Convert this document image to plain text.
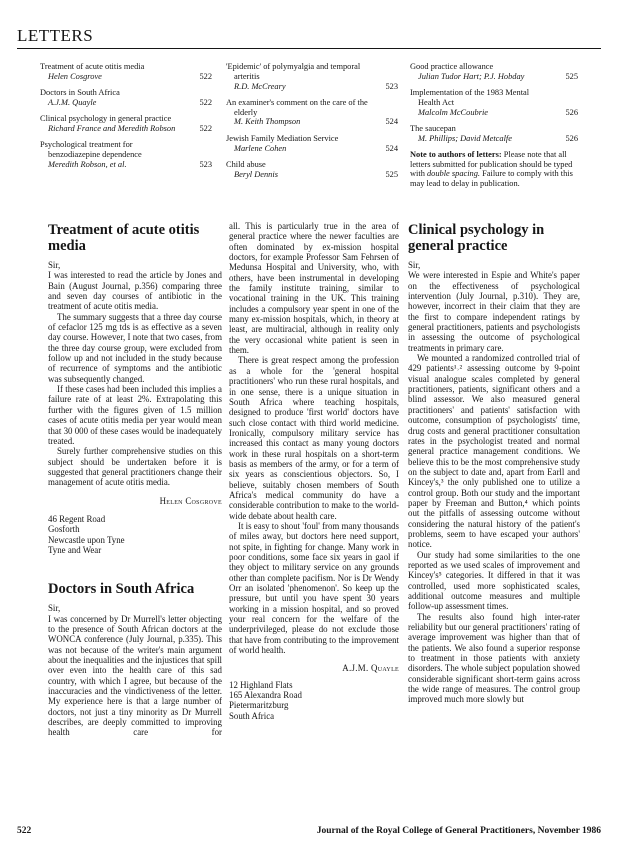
LETTERS
Treatment of acute otitis media
Helen Cosgrove	522
Doctors in South Africa
A.J.M. Quayle	522
Clinical psychology in general practice
Richard France and Meredith Robson	522
Psychological treatment for
benzodiazepine dependence
Meredith Robson, et al.	523
'Epidemic' of polymyalgia and temporal
arteritis
R.D. McCreary	523
An examiner's comment on the care of the
elderly
M. Keith Thompson	524
Jewish Family Mediation Service
Marlene Cohen	524
Child abuse
Beryl Dennis	525
Good practice allowance
Julian Tudor Hart; P.J. Hobday	525
Implementation of the 1983 Mental
Health Act
Malcolm McCoubrie	526
The saucepan
M. Phillips; David Metcalfe	526
Note to authors of letters: Please note that all letters submitted for publication should be typed with double spacing. Failure to comply with this may lead to delay in publication.
Treatment of acute otitis media

Sir,

I was interested to read the article by Jones and Bain (August Journal, p.356) comparing three and seven day courses of antibiotic in the treatment of acute otitis media.

The summary suggests that a three day course of cefaclor 125 mg tds is as effective as a seven day course. However, I note that two cases, from the three day course group, were excluded from follow up and not included in the study because of recurrence of symptoms and the antibiotic was subsequently changed.

If these cases had been included this implies a failure rate of at least 2%. Extrapolating this further with the figures given of 1.5 million cases of acute otitis media per year would mean that 30 000 of these cases would be inadequately treated.

Surely further comprehensive studies on this subject should be undertaken before it is suggested that general practitioners change their management of acute otitis media.

Helen Cosgrove

46 Regent Road
Gosforth
Newcastle upon Tyne
Tyne and Wear
Doctors in South Africa

Sir,

I was concerned by Dr Murrell's letter objecting to the presence of South African doctors at the WONCA conference (July Journal, p.335). This was not because of the writer's main argument about the inequalities and the injustices that spill over even into the health care of this sad country, with which I agree, but because of the inaccuracies and the vindictiveness of the letter. My experience here is that a large number of doctors, not just a tiny minority as Dr Murrell describes, are deeply committed to improving health care for

all. This is particularly true in the area of general practice where the newer faculties are often dominated by ex-mission hospital doctors, for example Professor Sam Fehrsen of Medunsa Hospital and University, who, with others, have been instrumental in developing the family institute training, similar to vocational training in the UK. This training includes a compulsory year spent in one of the many ex-mission hospitals, which, in theory at least, are multiracial, although in reality only the very occasional white patient is seen in them.

There is great respect among the profession as a whole for the 'general hospital practitioners' who run these rural hospitals, and in one sense, there is a unique situation in South Africa where teaching hospitals, designed to produce 'first world' doctors have such close contact with third world medicine. Ironically, compulsory military service has increased this contact as many young doctors work in these rural hospitals on a short-term basis as members of the army, or for a term of six years as conscientious objectors. So, I believe, suitably chosen members of South Africa's medical community do have a considerable contribution to make to the world-wide debate about health care.

It is easy to shout 'foul' from many thousands of miles away, but doctors here need support, not spite, in fighting for change. Many work in poor conditions, some face six years in gaol if they object to military service on any grounds other than complete pacifism. Nor is Dr Wendy Orr an isolated 'phenomenon'. So keep up the pressure, but until you have spent 30 years working in a mission hospital, and so proved your real concern for the welfare of the underprivileged, please do not exclude those that have from contributing to the improvement of world health.

A.J.M. Quayle

12 Highland Flats
165 Alexandra Road
Pietermaritzburg
South Africa
Clinical psychology in general practice

Sir,

We were interested in Espie and White's paper on the effectiveness of psychological intervention (July Journal, p.310). They are, however, incorrect in their claim that they are the first to compare independent ratings by general practitioners, patients and psychologists in assessing the outcome of psychological treatments in primary care.

We mounted a randomized controlled trial of 429 patients¹˒² assessing outcome by 9-point visual analogue scales completed by general practitioners, patients, significant others and a blind assessor. We also measured general practitioners' and patients' satisfaction with outcome, consumption of psychologists' time, drug costs and general practitioner consultation rates in the psychologist treated and normal general practice management conditions. We believe this to be the most comprehensive study on the subject to date and, apart from Earll and Kincey's,³ the only published one to utilize a control group. Both our study and the important paper by Freeman and Button,⁴ which points out the pitfalls of assessing outcome without considering the natural history of the patient's problems, seem to have escaped your authors' notice.

Our study had some similarities to the one reported as we used scales of improvement and Kincey's⁵ categories. It differed in that it was controlled, used more sophisticated scales, additional outcome measures and multiple follow-up assessment times.

The results also found high inter-rater reliability but our general practitioners' rating of average improvement was higher than that of the patients. We also found a superior response to treatment in those patients with anxiety disorders. The whole subject population showed considerable significant short-term gains across the wide range of measures. The control group improved much more slowly but

522	Journal of the Royal College of General Practitioners, November 1986
